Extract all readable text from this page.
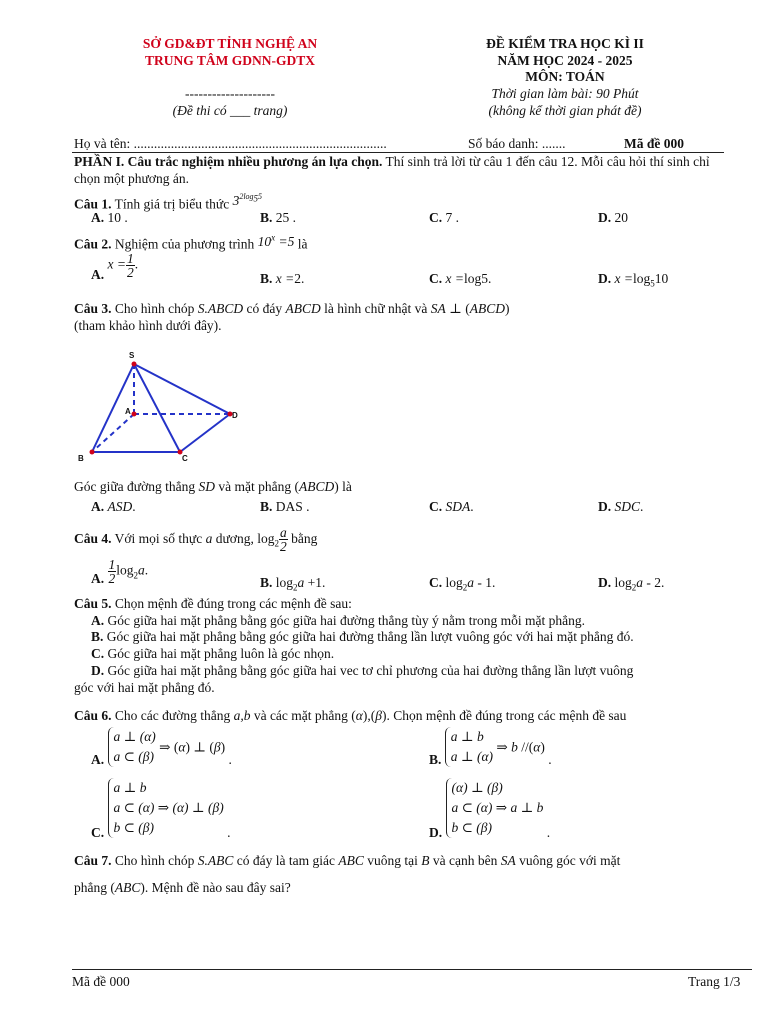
SỞ GD&ĐT TỈNH NGHỆ AN
TRUNG TÂM GDNN-GDTX
--------------------
(Đề thi có ___ trang)
ĐỀ KIỂM TRA HỌC KÌ II
NĂM HỌC 2024 - 2025
MÔN: TOÁN
Thời gian làm bài: 90 Phút
(không kể thời gian phát đề)
Họ và tên: ...........................................................................	Số báo danh: .......	Mã đề 000
PHẦN I. Câu trắc nghiệm nhiều phương án lựa chọn. Thí sinh trả lời từ câu 1 đến câu 12. Mỗi câu hỏi thí sinh chỉ chọn một phương án.
Câu 1. Tính giá trị biểu thức $3^{2log_55}$
A. 10 .	B. 25 .	C. 7 .	D. 20
Câu 2. Nghiệm của phương trình $10^x =5$ là
A. $x = \frac{1}{2}$ .
B. x =2.	C. x =log5.	D. $x =\log_510$
Câu 3. Cho hình chóp S.ABCD có đáy ABCD là hình chữ nhật và SA ⊥ (ABCD)
(tham khảo hình dưới đây).
S
A
B	C
D
Góc giữa đường thẳng SD và mặt phẳng (ABCD) là
A. ASD.	B. DAS .	C. SDA.	D. SDC.
Câu 4. Với mọi số thực a dương, $\log_2 \frac{a}{2}$ bằng
A. $\frac{1}{2} \log_2a$.
B. $\log_2a +1$.	C. $\log_2a - 1$.	D. $\log_2a - 2$.
Câu 5. Chọn mệnh đề đúng trong các mệnh đề sau:
A. Góc giữa hai mặt phẳng bằng góc giữa hai đường thẳng tùy ý nằm trong mỗi mặt phẳng.
B. Góc giữa hai mặt phẳng bằng góc giữa hai đường thẳng lần lượt vuông góc với hai mặt phẳng đó.
C. Góc giữa hai mặt phẳng luôn là góc nhọn.
D. Góc giữa hai mặt phẳng bằng góc giữa hai vec tơ chỉ phương của hai đường thẳng lần lượt vuông
góc với hai mặt phẳng đó.
Câu 6. Cho các đường thẳng a,b và các mặt phẳng (α),(β). Chọn mệnh đề đúng trong các mệnh đề sau
A. a ⊥ (α)
a ⊂ (β) ⇒ (α) ⊥ (β) .	B. a ⊥ b
a ⊥ (α) ⇒ b //(α) .
C. a ⊥ b
a ⊂ (α) ⇒ (α) ⊥ (β)
b ⊂ (β)	.	D. (α) ⊥ (β)
a ⊂ (α) ⇒ a ⊥ b
b ⊂ (β)	.
Câu 7. Cho hình chóp S.ABC có đáy là tam giác ABC vuông tại B và cạnh bên SA vuông góc với mặt
phẳng (ABC). Mệnh đề nào sau đây sai?
Mã đề 000	Trang 1/3
